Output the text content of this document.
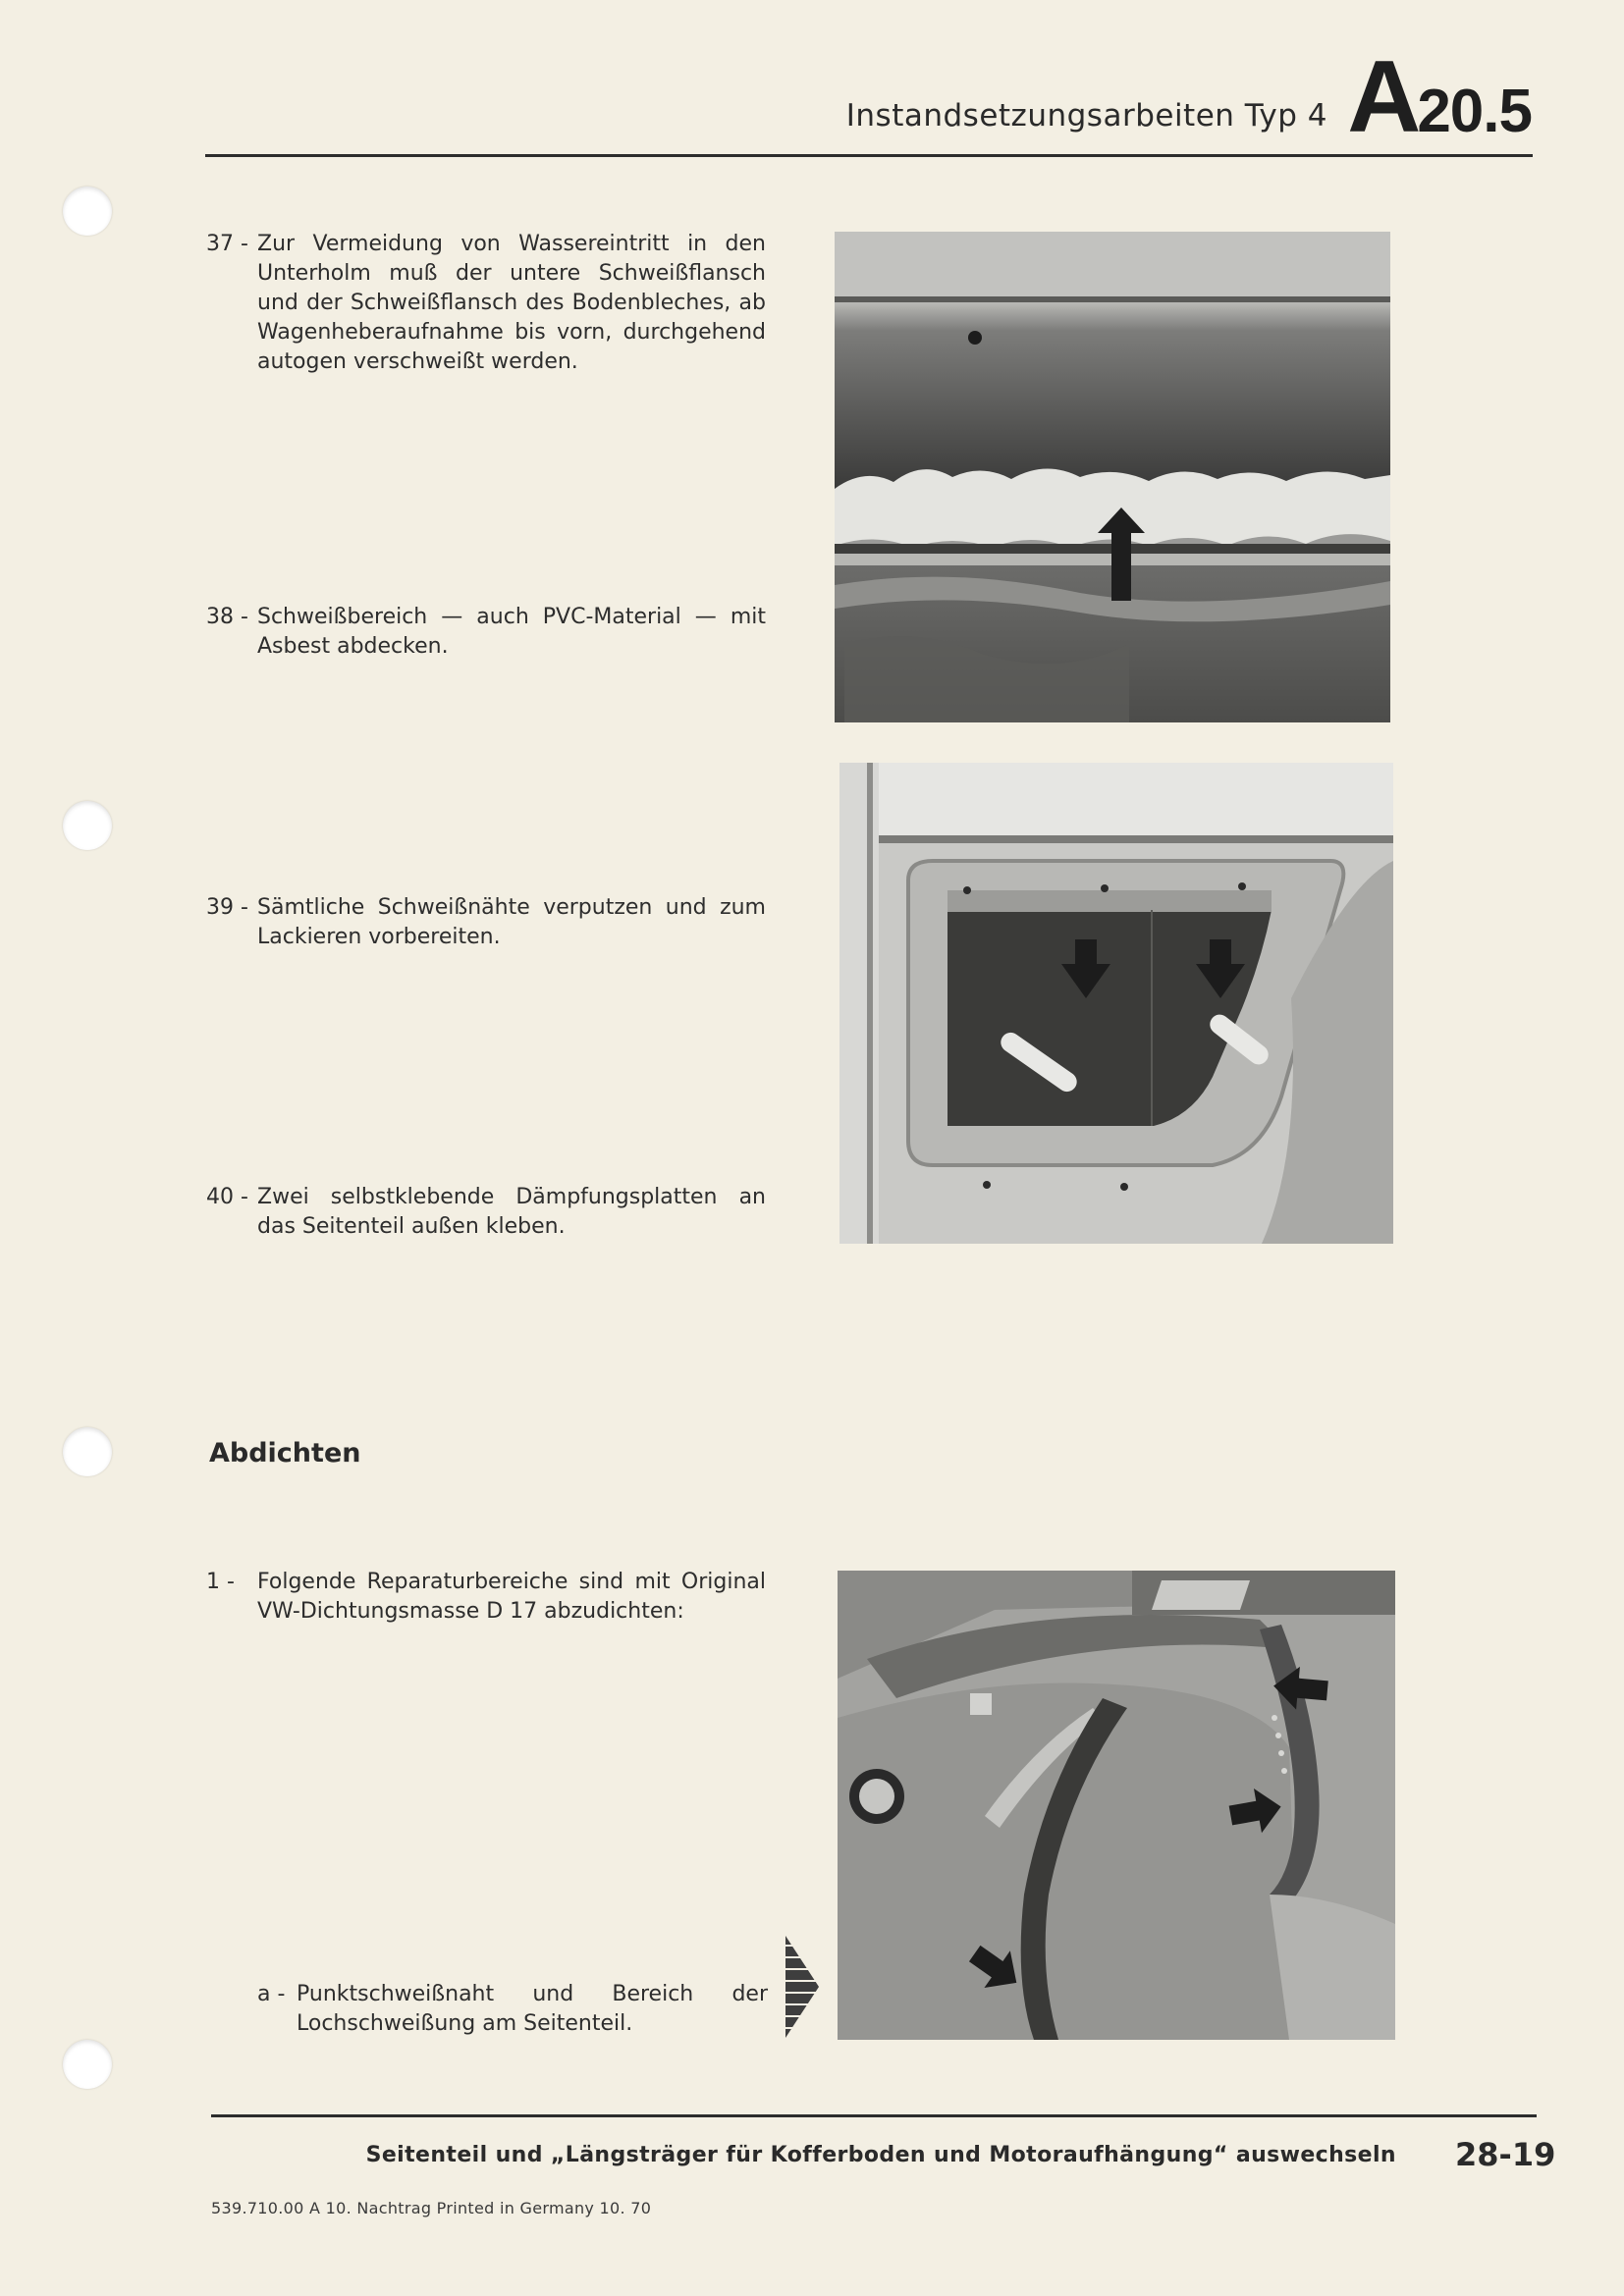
Instandsetzungsarbeiten Typ 4 A20.5
37 - Zur Vermeidung von Wassereintritt in den Unterholm muß der untere Schweißflansch und der Schweißflansch des Bodenbleches, ab Wagenheberaufnahme bis vorn, durchgehend autogen verschweißt werden.
38 - Schweißbereich — auch PVC-Material — mit Asbest abdecken.
39 - Sämtliche Schweißnähte verputzen und zum Lackieren vorbereiten.
40 - Zwei selbstklebende Dämpfungsplatten an das Seitenteil außen kleben.
Abdichten
1 - Folgende Reparaturbereiche sind mit Original VW-Dichtungsmasse D 17 abzudichten:
a - Punktschweißnaht und Bereich der Lochschweißung am Seitenteil.
Seitenteil und „Längsträger für Kofferboden und Motoraufhängung“ auswechseln 28-19
539.710.00 A 10. Nachtrag Printed in Germany 10. 70
